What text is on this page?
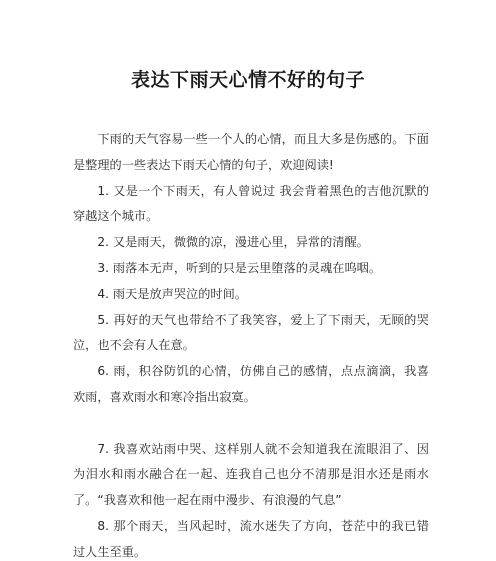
表达下雨天心情不好的句子

下雨的天气容易一些一个人的心情，而且大多是伤感的。下面是整理的一些表达下雨天心情的句子，欢迎阅读!

1. 又是一个下雨天，有人曾说过 我会背着黑色的吉他沉默的穿越这个城市。

2. 又是雨天，微微的凉，漫进心里，异常的清醒。

3. 雨落本无声，听到的只是云里堕落的灵魂在呜咽。

4. 雨天是放声哭泣的时间。

5. 再好的天气也带给不了我笑容，爱上了下雨天，无顾的哭泣，也不会有人在意。

6. 雨，积谷防饥的心情，仿佛自己的感情，点点滴滴，我喜欢雨，喜欢雨水和寒冷指出寂寞。

7. 我喜欢站雨中哭、这样别人就不会知道我在流眼泪了、因为泪水和雨水融合在一起、连我自己也分不清那是泪水还是雨水了。“我喜欢和他一起在雨中漫步、有浪漫的气息”

8. 那个雨天，当风起时，流水迷失了方向，苍茫中的我已错过人生至重。
